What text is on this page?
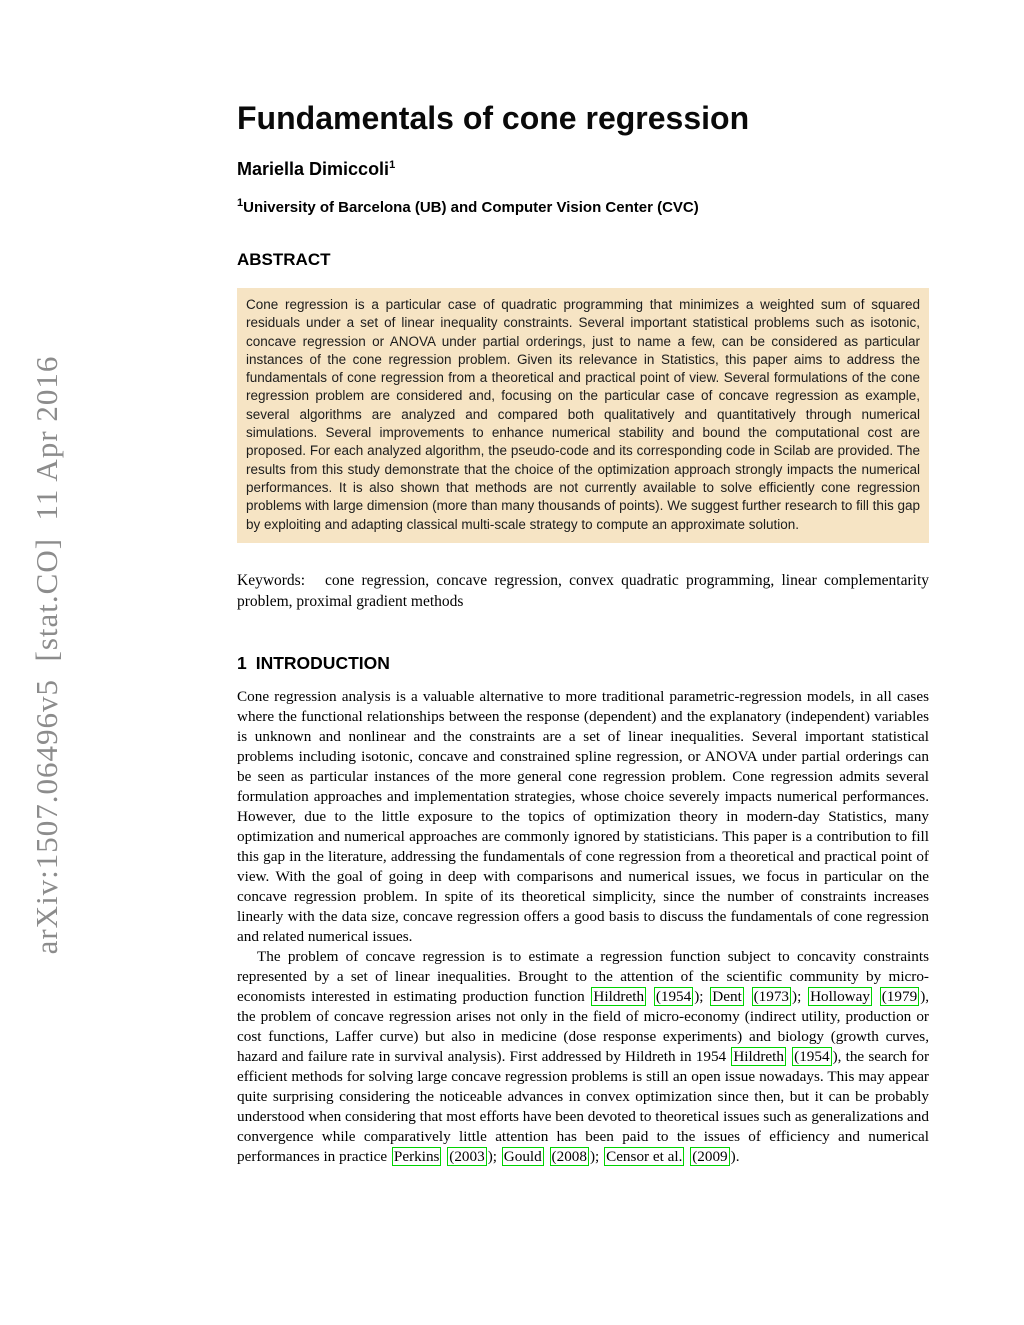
arXiv:1507.06496v5  [stat.CO]  11 Apr 2016
Fundamentals of cone regression
Mariella Dimiccoli$^1$
$^1$University of Barcelona (UB) and Computer Vision Center (CVC)
ABSTRACT
Cone regression is a particular case of quadratic programming that minimizes a weighted sum of squared residuals under a set of linear inequality constraints. Several important statistical problems such as isotonic, concave regression or ANOVA under partial orderings, just to name a few, can be considered as particular instances of the cone regression problem. Given its relevance in Statistics, this paper aims to address the fundamentals of cone regression from a theoretical and practical point of view. Several formulations of the cone regression problem are considered and, focusing on the particular case of concave regression as example, several algorithms are analyzed and compared both qualitatively and quantitatively through numerical simulations. Several improvements to enhance numerical stability and bound the computational cost are proposed. For each analyzed algorithm, the pseudo-code and its corresponding code in Scilab are provided. The results from this study demonstrate that the choice of the optimization approach strongly impacts the numerical performances. It is also shown that methods are not currently available to solve efficiently cone regression problems with large dimension (more than many thousands of points). We suggest further research to fill this gap by exploiting and adapting classical multi-scale strategy to compute an approximate solution.
Keywords: cone regression, concave regression, convex quadratic programming, linear complementarity problem, proximal gradient methods
1 INTRODUCTION

Cone regression analysis is a valuable alternative to more traditional parametric-regression models, in all cases where the functional relationships between the response (dependent) and the explanatory (independent) variables is unknown and nonlinear and the constraints are a set of linear inequalities. Several important statistical problems including isotonic, concave and constrained spline regression, or ANOVA under partial orderings can be seen as particular instances of the more general cone regression problem. Cone regression admits several formulation approaches and implementation strategies, whose choice severely impacts numerical performances. However, due to the little exposure to the topics of optimization theory in modern-day Statistics, many optimization and numerical approaches are commonly ignored by statisticians. This paper is a contribution to fill this gap in the literature, addressing the fundamentals of cone regression from a theoretical and practical point of view. With the goal of going in deep with comparisons and numerical issues, we focus in particular on the concave regression problem. In spite of its theoretical simplicity, since the number of constraints increases linearly with the data size, concave regression offers a good basis to discuss the fundamentals of cone regression and related numerical issues.

The problem of concave regression is to estimate a regression function subject to concavity constraints represented by a set of linear inequalities. Brought to the attention of the scientific community by micro-economists interested in estimating production function Hildreth (1954 ); Dent (1973 ); Holloway (1979 ), the problem of concave regression arises not only in the field of micro-economy (indirect utility, production or cost functions, Laffer curve) but also in medicine (dose response experiments) and biology (growth curves, hazard and failure rate in survival analysis). First addressed by Hildreth in 1954 Hildreth (1954 ), the search for efficient methods for solving large concave regression problems is still an open issue nowadays. This may appear quite surprising considering the noticeable advances in convex optimization since then, but it can be probably understood when considering that most efforts have been devoted to theoretical issues such as generalizations and convergence while comparatively little attention has been paid to the issues of efficiency and numerical performances in practice Perkins (2003 ); Gould (2008 ); Censor et al. (2009 ).
